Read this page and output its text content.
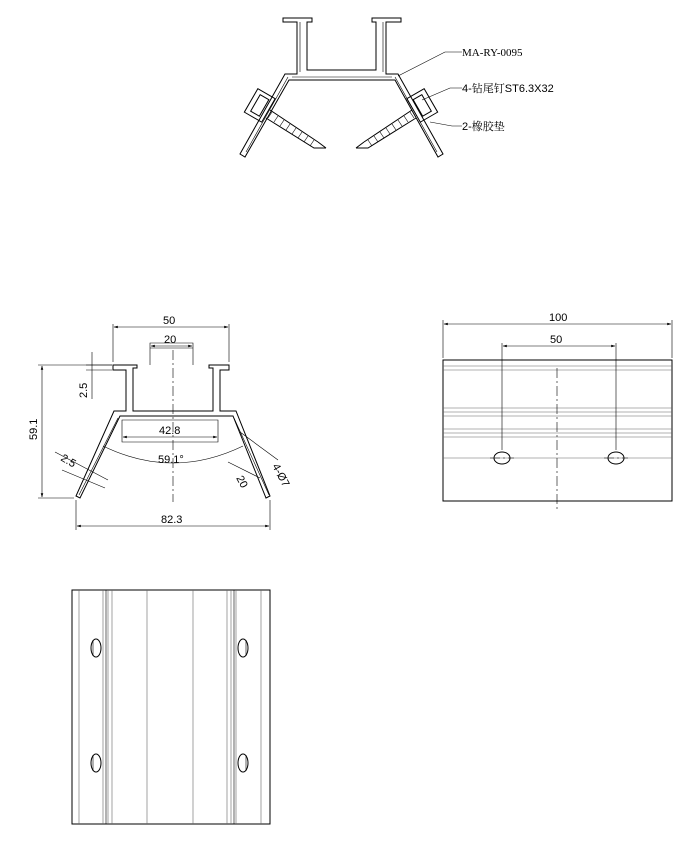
MA-RY-0095
4-钻尾钉ST6.3X32
2-橡胶垫
50
20
2.5
59.1	42.8
59.1°
2.5
20 4-Ø7
82.3
100
50
